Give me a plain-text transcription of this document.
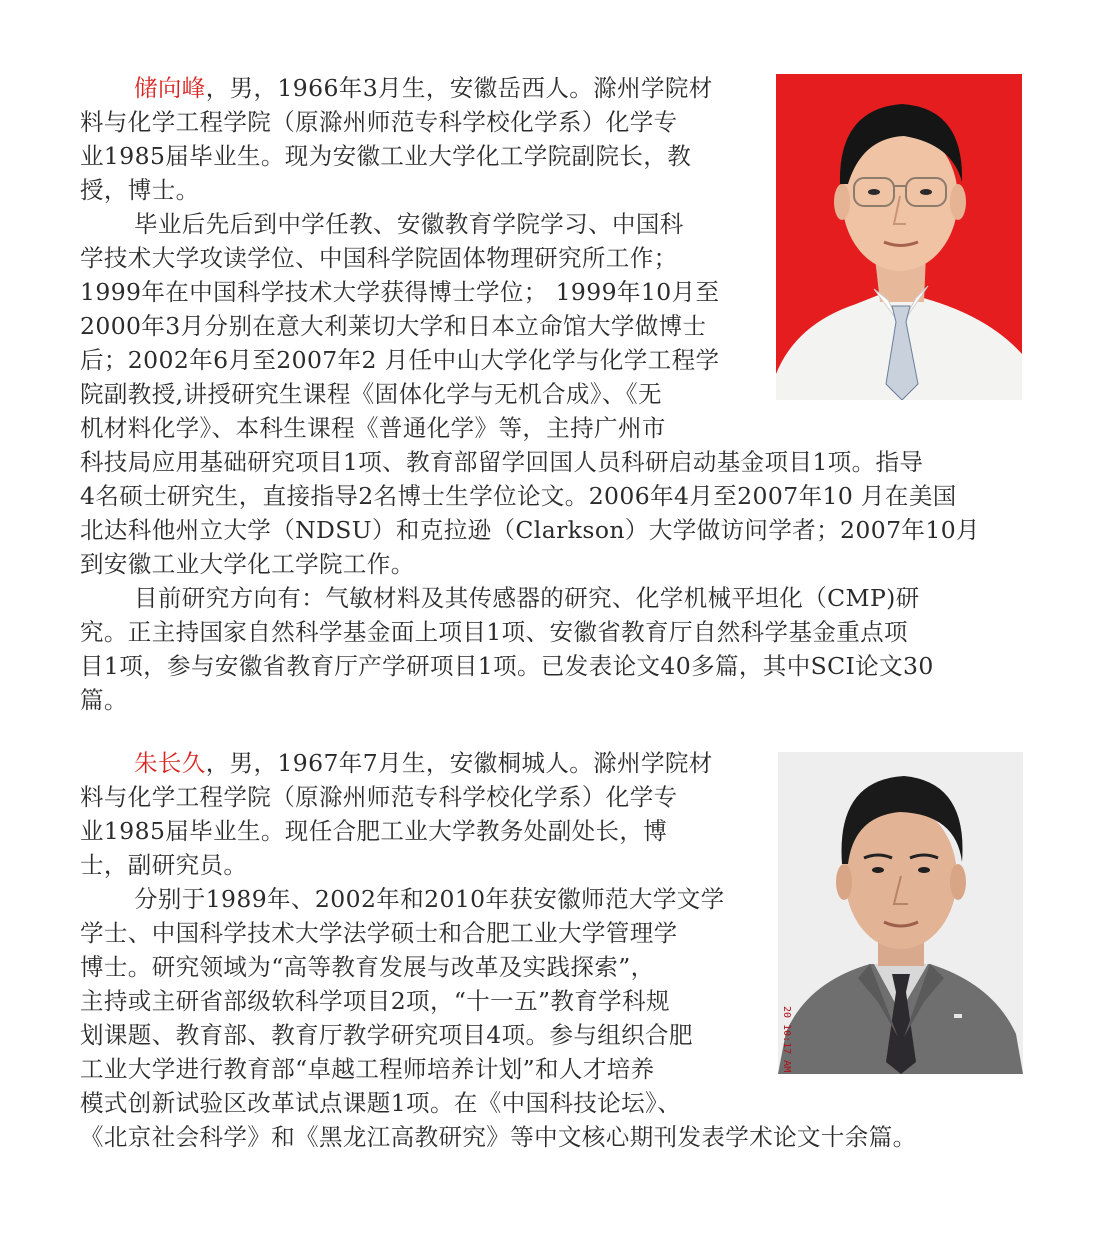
储向峰，男，1966年3月生，安徽岳西人。滁州学院材
料与化学工程学院（原滁州师范专科学校化学系）化学专
业1985届毕业生。现为安徽工业大学化工学院副院长，教
授，博士。
毕业后先后到中学任教、安徽教育学院学习、中国科
学技术大学攻读学位、中国科学院固体物理研究所工作；
1999年在中国科学技术大学获得博士学位； 1999年10月至
2000年3月分别在意大利莱切大学和日本立命馆大学做博士
后；2002年6月至2007年2 月任中山大学化学与化学工程学
院副教授,讲授研究生课程《固体化学与无机合成》、《无
机材料化学》、本科生课程《普通化学》等，主持广州市
科技局应用基础研究项目1项、教育部留学回国人员科研启动基金项目1项。指导
4名硕士研究生，直接指导2名博士生学位论文。2006年4月至2007年10 月在美国
北达科他州立大学（NDSU）和克拉逊（Clarkson）大学做访问学者；2007年10月
到安徽工业大学化工学院工作。
目前研究方向有：气敏材料及其传感器的研究、化学机械平坦化（CMP)研
究。正主持国家自然科学基金面上项目1项、安徽省教育厅自然科学基金重点项
目1项，参与安徽省教育厅产学研项目1项。已发表论文40多篇，其中SCI论文30
篇。
朱长久，男，1967年7月生，安徽桐城人。滁州学院材
料与化学工程学院（原滁州师范专科学校化学系）化学专
业1985届毕业生。现任合肥工业大学教务处副处长，博
士，副研究员。
分别于1989年、2002年和2010年获安徽师范大学文学
学士、中国科学技术大学法学硕士和合肥工业大学管理学
博士。研究领域为“高等教育发展与改革及实践探索”，
主持或主研省部级软科学项目2项，“十一五”教育学科规
划课题、教育部、教育厅教学研究项目4项。参与组织合肥
工业大学进行教育部“卓越工程师培养计划”和人才培养
模式创新试验区改革试点课题1项。在《中国科技论坛》、
《北京社会科学》和《黑龙江高教研究》等中文核心期刊发表学术论文十余篇。
20 10:17 AM
